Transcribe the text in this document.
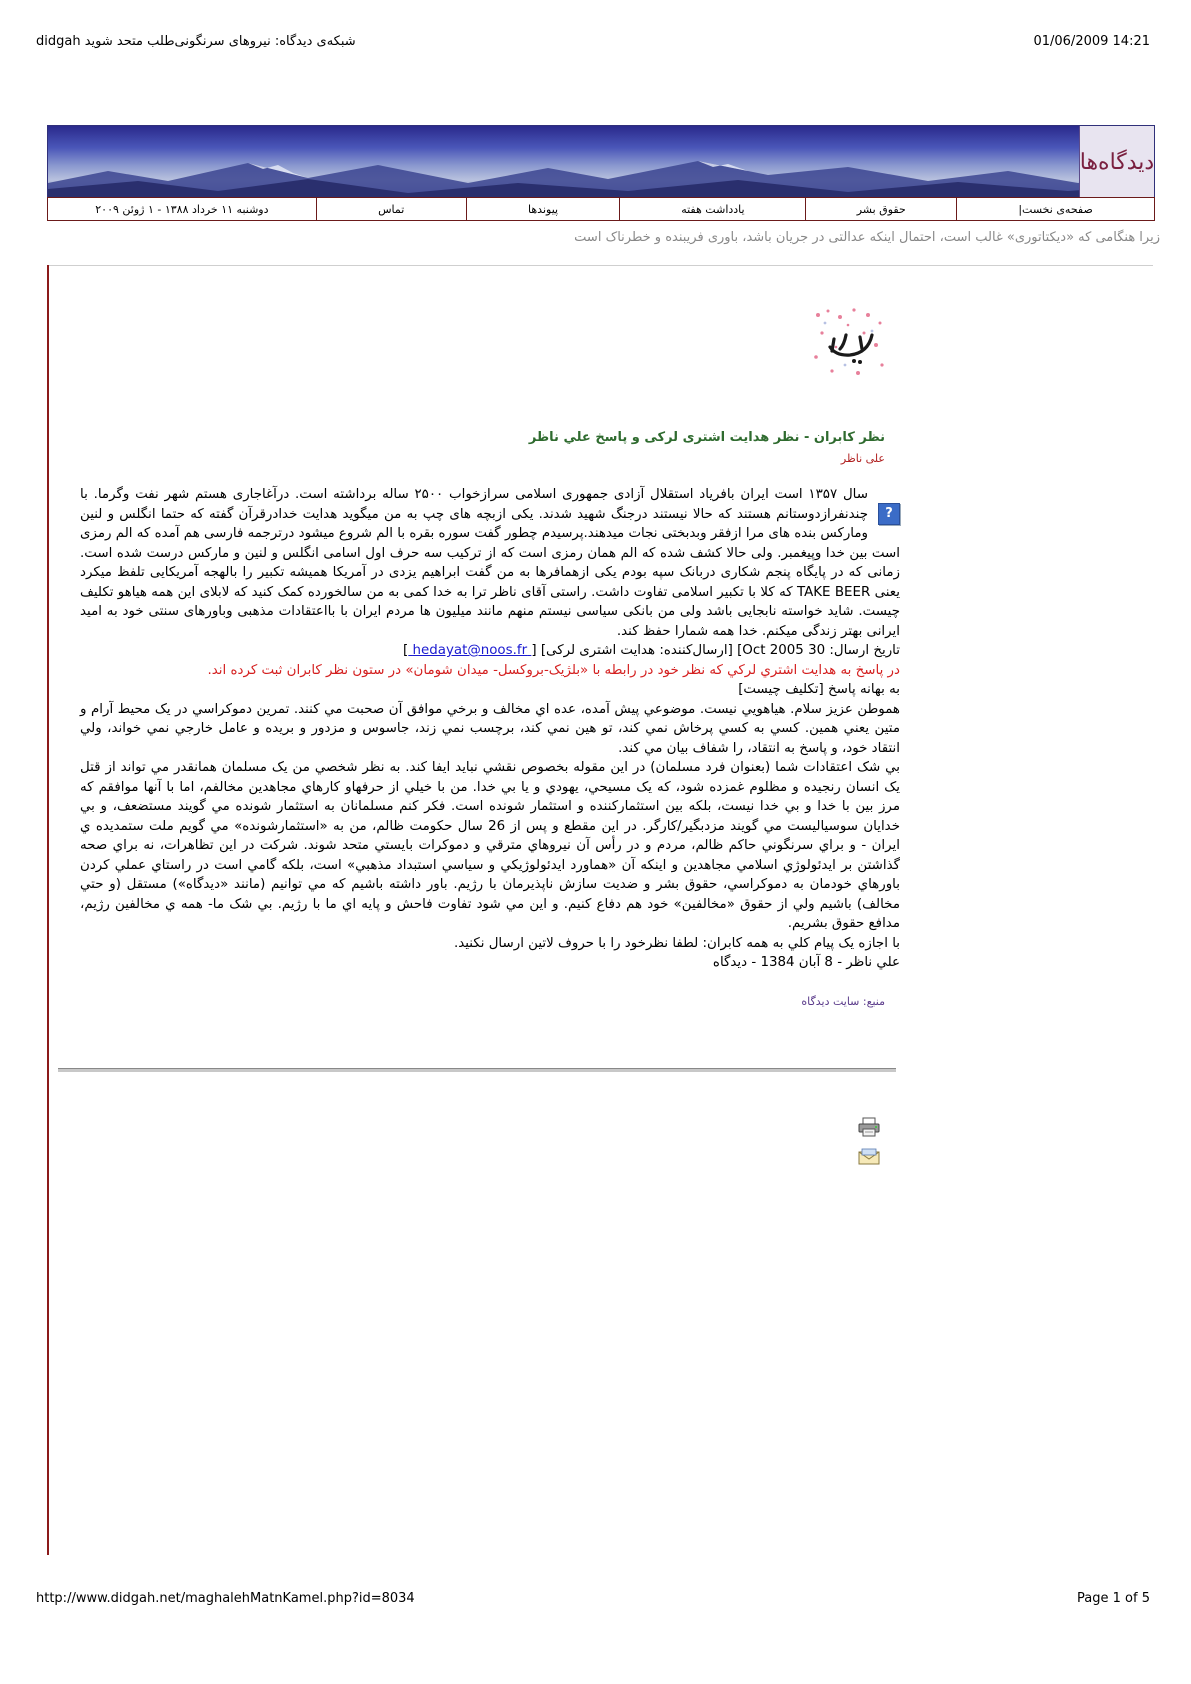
شبکه‌ی دیدگاه: نیروهای سرنگونی‌طلب متحد شوید didgah	01/06/2009 14:21
دیدگاه‌ها
صفحه‌ی نخست|
حقوق بشر
یادداشت هفته
پیوندها
تماس
دوشنبه ۱۱ خرداد ۱۳۸۸ - ۱ ژوئن ۲۰۰۹
زیرا هنگامی که «دیکتاتوری» غالب است، احتمال اینکه عدالتی در جریان باشد، باوری فریبنده و خطرناک است
نظر کابران - نظر هدایت اشتری لرکی و پاسخ علي ناظر
علی ناظر
?

سال ۱۳۵۷ است ایران بافریاد استقلال آزادی جمهوری اسلامی سرازخواب ۲۵۰۰ ساله برداشته است. درآغاجاری هستم شهر نفت وگرما. با چندنفرازدوستانم هستند که حالا نیستند درجنگ شهید شدند. یکی ازبچه های چپ به من میگوید هدایت خدادرقرآن گفته که حتما انگلس و لنین ومارکس بنده های مرا ازفقر وبدبختی نجات میدهند.پرسیدم چطور گفت سوره بقره با الم شروع میشود درترجمه فارسی هم آمده که الم رمزی است بین خدا وپیغمبر. ولی حالا کشف شده که الم همان رمزی است که از ترکیب سه حرف اول اسامی انگلس و لنین و مارکس درست شده است. زمانی که در پایگاه پنجم شکاری دربانک سپه بودم یکی ازهمافرها به من گفت ابراهیم یزدی در آمریکا همیشه تکبیر را بالهجه آمریکایی تلفظ میکرد یعنی TAKE BEER که کلا با تکبیر اسلامی تفاوت داشت. راستی آقای ناظر ترا به خدا کمی به من سالخورده کمک کنید که لابلای این همه هیاهو تکلیف چیست. شاید خواسته نابجایی باشد ولی من بانکی سیاسی نیستم منهم مانند میلیون ها مردم ایران با بااعتقادات مذهبی وباورهای سنتی خود به امید ایرانی بهتر زندگی میکنم. خدا همه شمارا حفظ کند.

تاریخ ارسال: 30 Oct 2005] [ارسال‌کننده: هدایت اشتری لرکی] [ hedayat@noos.fr ]

در پاسخ به هدايت اشتري لرکي که نظر خود در رابطه با «بلژيک-بروکسل- ميدان شومان» در ستون نظر کابران ثبت کرده اند.

به بهانه پاسخ [تکليف چيست]

هموطن عزيز سلام. هياهويي نيست. موضوعي پيش آمده، عده اي مخالف و برخي موافق آن صحبت مي کنند. تمرين دموکراسي در يک محيط آرام و متين يعني همين. کسي به کسي پرخاش نمي کند، تو هين نمي کند، برچسب نمي زند، جاسوس و مزدور و بريده و عامل خارجي نمي خواند، ولي انتقاد خود، و پاسخ به انتقاد، را شفاف بيان مي کند.

بي شک اعتقادات شما (بعنوان فرد مسلمان) در اين مقوله بخصوص نقشي نبايد ايفا کند. به نظر شخصي من يک مسلمان همانقدر مي تواند از قتل يک انسان رنجيده و مظلوم غمزده شود، که يک مسيحي، يهودي و يا بي خدا. من با خيلي از حرفهاو کارهاي مجاهدين مخالفم، اما با آنها موافقم که مرز بين با خدا و بي خدا نيست، بلکه بين استثمارکننده و استثمار شونده است. فکر کنم مسلمانان به استثمار شونده مي گويند مستضعف، و بي خدايان سوسياليست مي گويند مزدبگير/کارگر. در اين مقطع و پس از 26 سال حکومت ظالم، من به «استثمارشونده» مي گويم ملت ستمديده ي ايران - و براي سرنگوني حاکم ظالم، مردم و در رأس آن نيروهاي مترقي و دموکرات بايستي متحد شوند. شرکت در اين تظاهرات، نه براي صحه گذاشتن بر ايدئولوژي اسلامي مجاهدين و اينکه آن «هماورد ايدئولوژيکي و سياسي استبداد مذهبي» است، بلکه گامي است در راستاي عملي کردن باورهاي خودمان به دموکراسي، حقوق بشر و ضديت سازش ناپذيرمان با رژيم. باور داشته باشيم که مي توانيم (مانند «ديدگاه») مستقل (و حتي مخالف) باشيم ولي از حقوق «مخالفين» خود هم دفاع کنيم. و اين مي شود تفاوت فاحش و پايه اي ما با رژيم. بي شک ما- همه ي مخالفين رژيم، مدافع حقوق بشريم.

با اجازه يک پيام کلي به همه کابران: لطفا نظرخود را با حروف لاتين ارسال نکنيد.

علي ناظر - 8 آبان 1384 - ديدگاه

منبع: سایت دیدگاه
http://www.didgah.net/maghalehMatnKamel.php?id=8034	Page 1 of 5
